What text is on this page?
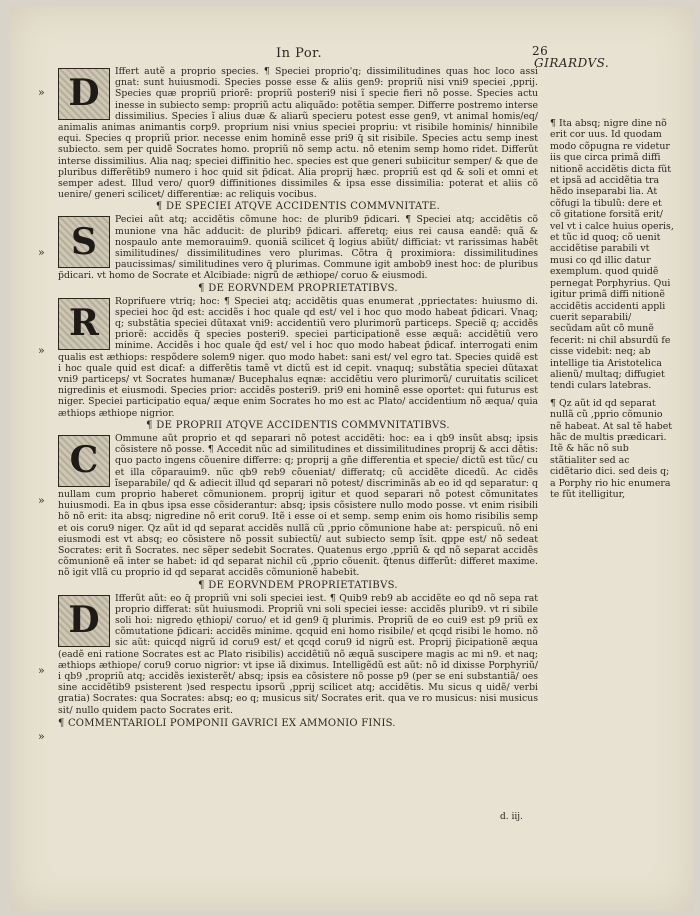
In Por.	26
GIRARDVS.
»
»
»
»
»
»

D
Iffert autẽ a proprio species. ¶ Speciei proprio'q; dissimilitudines quas hoc loco assi gnat: sunt huiusmodi. Species posse esse & aliis gen9: propriũ nisi vni9 speciei ,pprij. Species quæ propriũ priorẽ: propriũ posteri9 nisi ĩ specie fieri nõ posse. Species actu inesse in subiecto semp: propriũ actu aliquãdo: potẽtia semper. Differre postremo interse dissimilius. Species ĩ alius duæ & aliarũ specieru potest esse gen9, vt animal homis/eq/ animalis animas animantis corp9. proprium nisi vnius speciei propriu: vt risibile hominis/ hinnibile equi. Species q propriũ prior. necesse enim hominẽ esse pri9 q̃ sit risibile. Species actu semp inest subiecto. sem per quidẽ Socrates homo. propriũ nõ semp actu. nõ etenim semp homo ridet. Differũt interse dissimilius. Alia naq; speciei diffinitio hec. species est que generi subiicitur semper/ & que de pluribus differẽtib9 numero i hoc quid sit p̃dicat. Alia proprij hæc. propriũ est qd & soli et omni et semper adest. Illud vero/ quor9 diffinitiones dissimiles & ipsa esse dissimilia: poterat et aliis cõ uenire/ generi scilicet/ differentiæ: ac reliquis vocibus.

¶ DE SPECIEI ATQVE ACCIDENTIS COMMVNITATE.

S
Peciei aũt atq; accidẽtis cõmune hoc: de plurib9 p̃dicari. ¶ Speciei atq; accidẽtis cõ munione vna hãc adducit: de plurib9 p̃dicari. afferetq; eius rei causa eandẽ: quã & nospaulo ante memorauim9. quoniã scilicet q̃ logius abiũt/ difficiat: vt rarissimas habẽt similitudines/ dissimilitudines vero plurimas. Cõtra q̃ proximiora: dissimilitudines paucissimas/ similitudines vero q̃ plurimas. Commune igit ambob9 inest hoc: de pluribus p̃dicari. vt homo de Socrate et Alcibiade: nigrũ de æthiope/ coruo & eiusmodi.

¶ DE EORVNDEM PROPRIETATIBVS.

R
Roprifuere vtriq; hoc: ¶ Speciei atq; accidẽtis quas enumerat ,ppriectates: huiusmo di. speciei hoc q̃d est: accidẽs i hoc quale qd est/ vel i hoc quo modo habeat p̃dicari. Vnaq; q; substãtia speciei dũtaxat vni9: accidentiũ vero plurimorũ particeps. Speciẽ q; accidẽs priorẽ: accidẽs q̃ species posteri9. speciei participationẽ esse æquã: accidẽtiũ vero minime. Accidẽs i hoc quale q̃d est/ vel i hoc quo modo habeat p̃dicaf. interrogati enim qualis est æthiops: respõdere solem9 niger. quo modo habet: sani est/ vel egro tat. Species quidẽ est i hoc quale quid est dicaf: a differẽtis tamẽ vt dictũ est id cepit. vnaquq; substãtia speciei dũtaxat vni9 particeps/ vt Socrates humanæ/ Bucephalus eqnæ: accidẽtiu vero plurimorũ/ curuitatis scilicet nigredinis et eiusmodi. Species prior: accidẽs posteri9. pri9 eni hominẽ esse oportet: qui futurus est niger. Speciei participatio equa/ æque enim Socrates ho mo est ac Plato/ accidentium nõ æqua/ quia æthiops æthiope nigrior.

¶ DE PROPRII ATQVE ACCIDENTIS COMMVNITATIBVS.

C
Ommune aũt proprio et qd separari nõ potest accidẽti: hoc: ea i qb9 insũt absq; ipsis cõsistere nõ posse. ¶ Accedit nũc ad similitudines et dissimilitudines proprij & acci dẽtis: quo pacto ingens cõuenire differre: q; proprij a gñe differentia et specie/ dictũ est tũc/ cu et illa cõparauim9. nũc qb9 reb9 cõueniat/ differatq; cũ accidẽte dicedũ. Ac cidẽs ĩseparabile/ qd & adiecit illud qd separari nõ potest/ discriminãs ab eo id qd separatur: q nullam cum proprio haberet cõmunionem. proprij igitur et quod separari nõ potest cõmunitates huiusmodi. Ea in qbus ipsa esse cõsiderantur: absq; ipsis cõsistere nullo modo posse. vt enim risibili hõ nõ erit: ita absq; nigredine nõ erit coru9. Itẽ i esse oi et semp. semp enim ois homo risibilis semp et ois coru9 niger. Qz aũt id qd separat accidẽs nullã cũ ,pprio cõmunione habe at: perspicuũ. nõ eni eiusmodi est vt absq; eo cõsistere nõ possit subiectũ/ aut subiecto semp ĩsit. qppe est/ nõ sedeat Socrates: erit ñ Socrates. nec sẽper sedebit Socrates. Quatenus ergo ,ppriũ & qd nõ separat accidẽs cõmunionẽ eã inter se habet: id qd separat nichil cũ ,pprio cõuenit. q̃tenus differũt: differet maxime. nõ igit vllã cu proprio id qd separat accidẽs cõmunionẽ habebit.

¶ DE EORVNDEM PROPRIETATIBVS.

D
Ifferũt aũt: eo q̃ propriũ vni soli speciei iest. ¶ Quib9 reb9 ab accidẽte eo qd nõ sepa rat proprio differat: sũt huiusmodi. Propriũ vni soli speciei iesse: accidẽs plurib9. vt ri sibile soli hoi: nigredo ęthiopi/ coruo/ et id gen9 q̃ plurimis. Propriũ de eo cui9 est p9 priũ ex cõmutatione p̃dicari: accidẽs minime. qcquid eni homo risibile/ et qcqd risibi le homo. nõ sic aũt: quicqd nigrũ id coru9 est/ et qcqd coru9 id nigrũ est. Proprij p̃icipationẽ æqua (eadẽ eni ratione Socrates est ac Plato risibilis) accidẽtiũ nõ æquã suscipere magis ac mi n9. et naq; æthiops æthiope/ coru9 coruo nigrior: vt ipse iã diximus. Intelligẽdũ est aũt: nõ id dixisse Porphyriũ/ i qb9 ,propriũ atq; accidẽs iexisterẽt/ absq; ipsis ea cõsistere nõ posse p9 (per se eni substantiã/ oes sine accidẽtib9 psisterent )sed respectu ipsorũ ,pprij scilicet atq; accidẽtis. Mu sicus q uidẽ/ verbi gratia) Socrates: qua Socrates: absq; eo q; musicus sit/ Socrates erit. qua ve ro musicus: nisi musicus sit/ nullo quidem pacto Socrates erit.

¶ COMMENTARIOLI POMPONII GAVRICI EX AMMONIO FINIS.

¶ Ita absq; nigre dine nõ erit cor uus. Id quodam modo cõpugna re videtur iis que circa primã diffi nitionẽ accidẽtis dicta fũt et ipsã ad accidẽtia tra hẽdo inseparabi lia. At cõfugi la tibulũ: dere et cõ gitatione forsitã erit/ vel vt i calce huius operis, et tũc id quoq; cõ uenit accidẽtise parabili vt musi co qd illic datur exemplum. quod quidẽ pernegat Porphyrius. Qui igitur primã diffi nitionẽ accidẽtis accidenti appli cuerit separabili/ secũdam aũt cõ munẽ fecerit: ni chil absurdũ fe cisse videbit: neq; ab intellige tia Aristotelica alienũ/ multaq; diffugiet tendi culars latebras.

¶ Qz aũt id qd separat nullã cũ ,pprio cõmunio nẽ habeat. At sal tẽ habet hãc de multis prædicari. Itẽ & hãc nõ sub stãtialiter sed ac cidẽtario dici. sed deis q; a Porphy rio hic enumera te fũt itelligitur,

d. iij.
